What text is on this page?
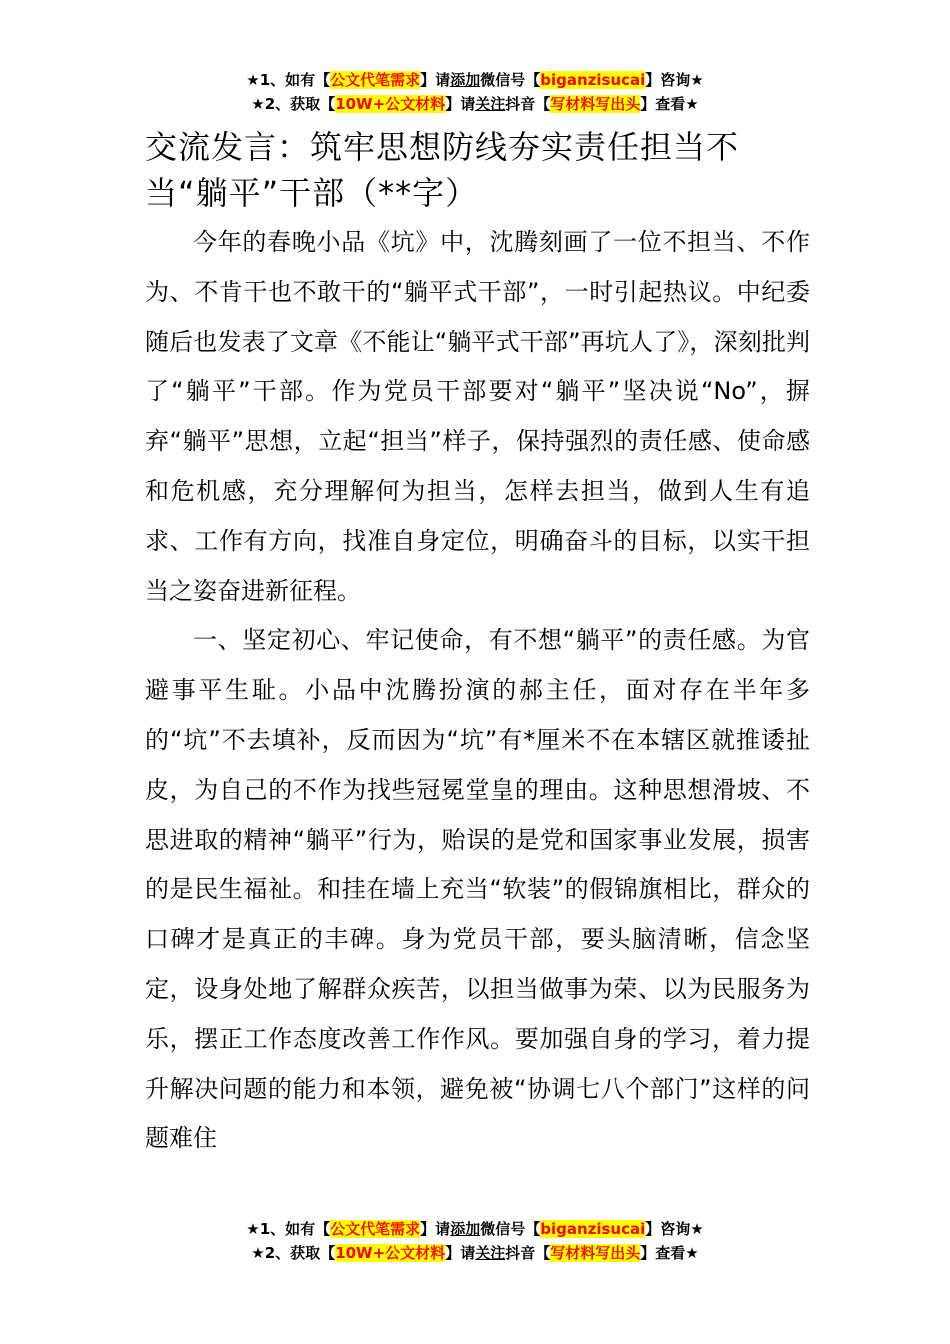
★1、如有【公文代笔需求】请添加微信号【biganzisucai】咨询★
★2、获取【10W+公文材料】请关注抖音【写材料写出头】查看★
交流发言：筑牢思想防线夯实责任担当不当“躺平”干部（**字）

今年的春晚小品《坑》中，沈腾刻画了一位不担当、不作为、不肯干也不敢干的“躺平式干部”，一时引起热议。中纪委随后也发表了文章《不能让“躺平式干部”再坑人了》，深刻批判了“躺平”干部。作为党员干部要对“躺平”坚决说“No”，摒弃“躺平”思想，立起“担当”样子，保持强烈的责任感、使命感和危机感，充分理解何为担当，怎样去担当，做到人生有追求、工作有方向，找准自身定位，明确奋斗的目标，以实干担当之姿奋进新征程。

一、坚定初心、牢记使命，有不想“躺平”的责任感。为官避事平生耻。小品中沈腾扮演的郝主任，面对存在半年多的“坑”不去填补，反而因为“坑”有*厘米不在本辖区就推诿扯皮，为自己的不作为找些冠冕堂皇的理由。这种思想滑坡、不思进取的精神“躺平”行为，贻误的是党和国家事业发展，损害的是民生福祉。和挂在墙上充当“软装”的假锦旗相比，群众的口碑才是真正的丰碑。身为党员干部，要头脑清晰，信念坚定，设身处地了解群众疾苦，以担当做事为荣、以为民服务为乐，摆正工作态度改善工作作风。要加强自身的学习，着力提升解决问题的能力和本领，避免被“协调七八个部门”这样的问题难住

★1、如有【公文代笔需求】请添加微信号【biganzisucai】咨询★
★2、获取【10W+公文材料】请关注抖音【写材料写出头】查看★
